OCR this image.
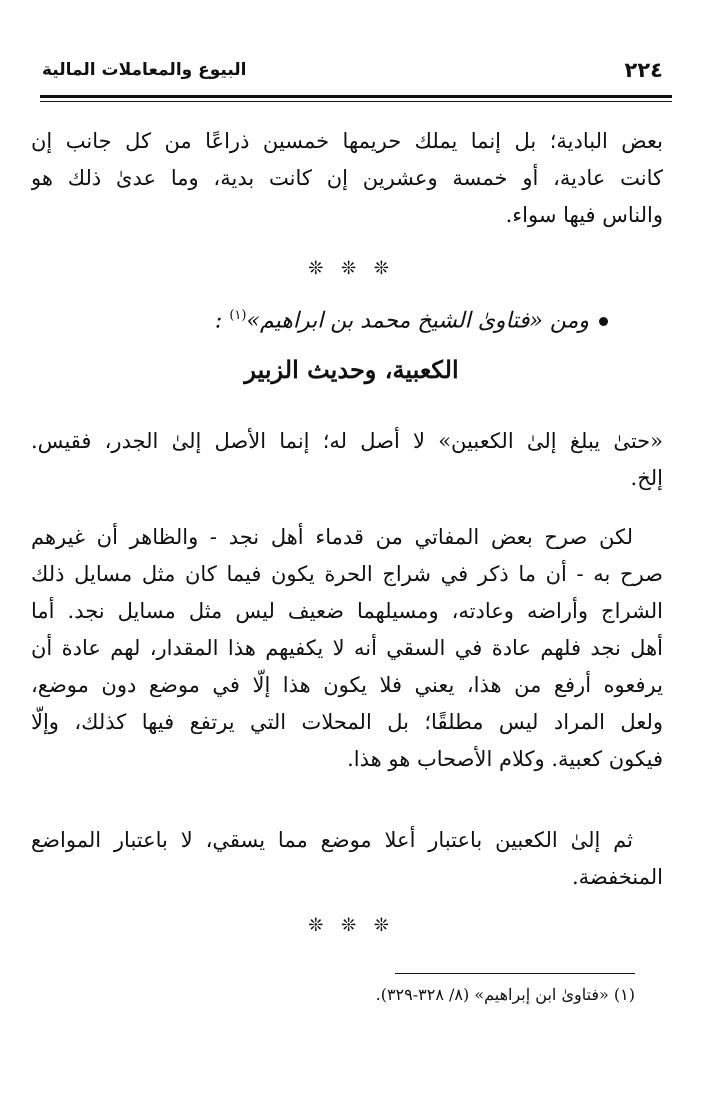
٢٢٤
البيوع والمعاملات المالية
بعض البادية؛ بل إنما يملك حريمها خمسين ذراعًا من كل جانب إن
كانت عادية، أو خمسة وعشرين إن كانت بدية، وما عدىٰ ذلك هو
والناس فيها سواء.
❊ ❊ ❊
ومن «فتاوىٰ الشيخ محمد بن ابراهيم»$^{(١)}$ :
الكعبية، وحديث الزبير
«حتىٰ يبلغ إلىٰ الكعبين» لا أصل له؛ إنما الأصل إلىٰ الجدر، فقيس.
إلخ.
لكن صرح بعض المفاتي من قدماء أهل نجد - والظاهر أن غيرهم
صرح به - أن ما ذكر في شراج الحرة يكون فيما كان مثل مسايل ذلك
الشراج وأراضه وعادته، ومسيلهما ضعيف ليس مثل مسايل نجد. أما
أهل نجد فلهم عادة في السقي أنه لا يكفيهم هذا المقدار، لهم عادة أن
يرفعوه أرفع من هذا، يعني فلا يكون هذا إلّا في موضع دون موضع،
ولعل المراد ليس مطلقًا؛ بل المحلات التي يرتفع فيها كذلك، وإلّا
فيكون كعبية. وكلام الأصحاب هو هذا.
ثم إلىٰ الكعبين باعتبار أعلا موضع مما يسقي، لا باعتبار المواضع
المنخفضة.
❊ ❊ ❊
(١) «فتاوىٰ ابن إبراهيم» (٨/ ٣٢٨-٣٢٩).
